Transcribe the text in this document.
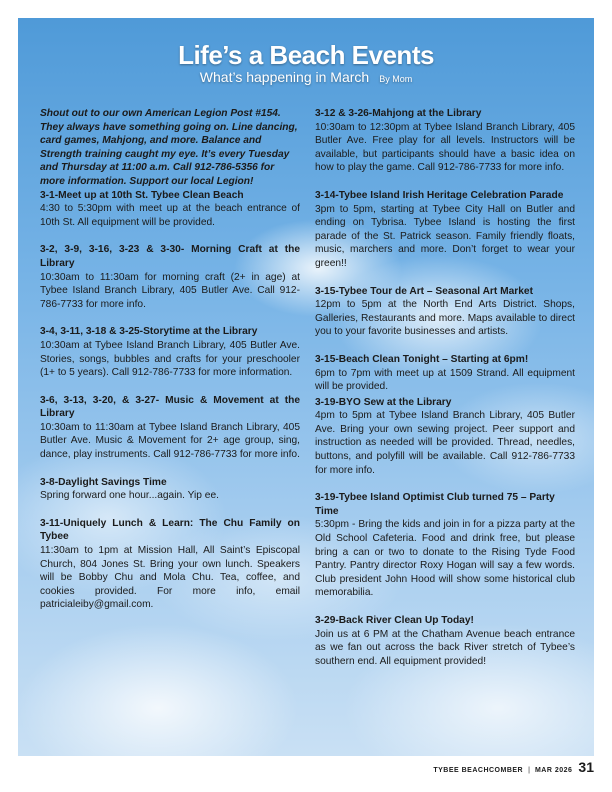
Life’s a Beach Events
What’s happening in March By Mom

Shout out to our own American Legion Post #154. They always have something going on. Line dancing, card games, Mahjong, and more. Balance and Strength training caught my eye. It’s every Tuesday and Thursday at 11:00 a.m. Call 912-786-5356 for more information. Support our local Legion!

3-1-Meet up at 10th St. Tybee Clean Beach

4:30 to 5:30pm with meet up at the beach entrance of 10th St. All equipment will be provided.

3-2, 3-9, 3-16, 3-23 & 3-30- Morning Craft at the Library

10:30am to 11:30am for morning craft (2+ in age) at Tybee Island Branch Library, 405 Butler Ave. Call 912-786-7733 for more info.

3-4, 3-11, 3-18 & 3-25-Storytime at the Library

10:30am at Tybee Island Branch Library, 405 Butler Ave. Stories, songs, bubbles and crafts for your preschooler (1+ to 5 years). Call 912-786-7733 for more information.

3-6, 3-13, 3-20, & 3-27- Music & Movement at the Library

10:30am to 11:30am at Tybee Island Branch Library, 405 Butler Ave. Music & Movement for 2+ age group, sing, dance, play instruments. Call 912-786-7733 for more info.

3-8-Daylight Savings Time

Spring forward one hour...again. Yip ee.

3-11-Uniquely Lunch & Learn: The Chu Family on Tybee

11:30am to 1pm at Mission Hall, All Saint’s Episcopal Church, 804 Jones St. Bring your own lunch. Speakers will be Bobby Chu and Mola Chu. Tea, coffee, and cookies provided. For more info, email patricialeiby@gmail.com.

3-12 & 3-26-Mahjong at the Library

10:30am to 12:30pm at Tybee Island Branch Library, 405 Butler Ave. Free play for all levels. Instructors will be available, but participants should have a basic idea on how to play the game. Call 912-786-7733 for more info.

3-14-Tybee Island Irish Heritage Celebration Parade

3pm to 5pm, starting at Tybee City Hall on Butler and ending on Tybrisa. Tybee Island is hosting the first parade of the St. Patrick season. Family friendly floats, music, marchers and more. Don’t forget to wear your green!!

3-15-Tybee Tour de Art – Seasonal Art Market

12pm to 5pm at the North End Arts District. Shops, Galleries, Restaurants and more. Maps available to direct you to your favorite businesses and artists.

3-15-Beach Clean Tonight – Starting at 6pm!

6pm to 7pm with meet up at 1509 Strand. All equipment will be provided.

3-19-BYO Sew at the Library

4pm to 5pm at Tybee Island Branch Library, 405 Butler Ave. Bring your own sewing project. Peer support and instruction as needed will be provided. Thread, needles, buttons, and polyfill will be available. Call 912-786-7733 for more info.

3-19-Tybee Island Optimist Club turned 75 – Party Time

5:30pm - Bring the kids and join in for a pizza party at the Old School Cafeteria. Food and drink free, but please bring a can or two to donate to the Rising Tyde Food Pantry. Pantry director Roxy Hogan will say a few words. Club president John Hood will show some historical club memorabilia.

3-29-Back River Clean Up Today!

Join us at 6 PM at the Chatham Avenue beach entrance as we fan out across the back River stretch of Tybee’s southern end. All equipment provided!

TYBEE BEACHCOMBER | MAR 2026 31
